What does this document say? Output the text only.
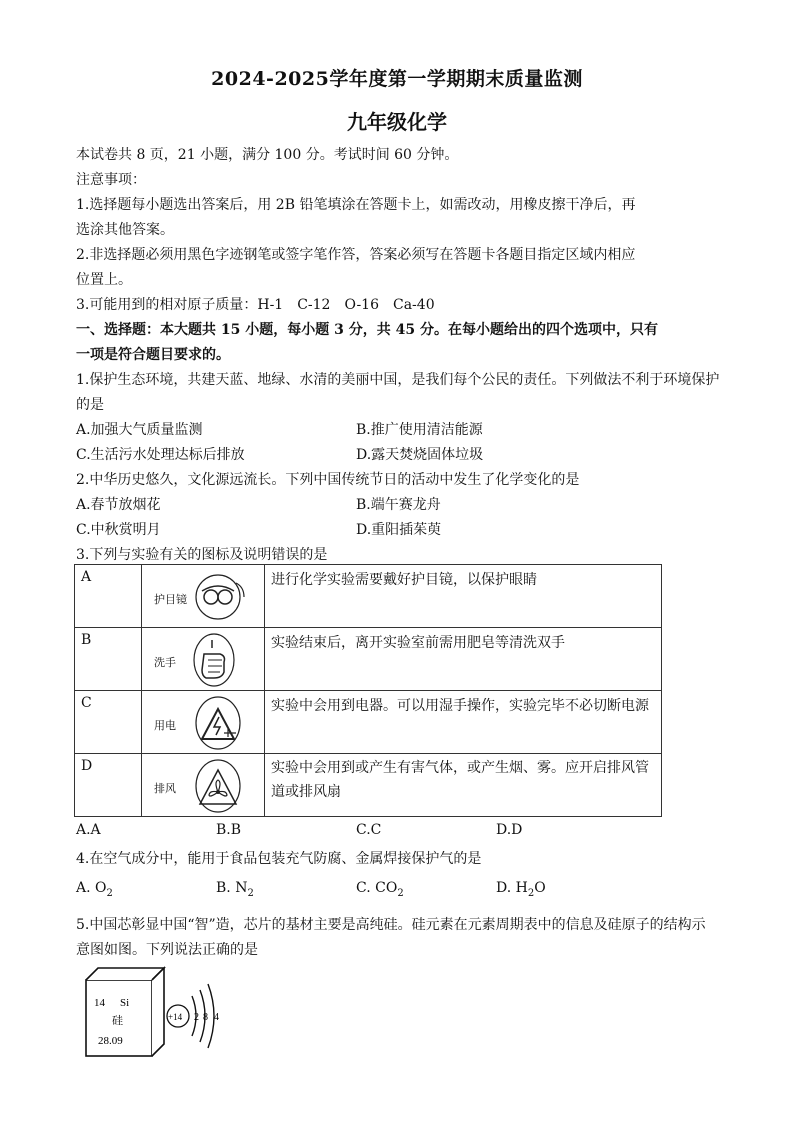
2024-2025学年度第一学期期末质量监测
九年级化学
本试卷共 8 页，21 小题，满分 100 分。考试时间 60 分钟。
注意事项：
1.选择题每小题选出答案后，用 2B 铅笔填涂在答题卡上，如需改动，用橡皮擦干净后，再
选涂其他答案。
2.非选择题必须用黑色字迹钢笔或签字笔作答，答案必须写在答题卡各题目指定区域内相应
位置上。
3.可能用到的相对原子质量：H-1　C-12　O-16　Ca-40
一、选择题：本大题共 15 小题，每小题 3 分，共 45 分。在每小题给出的四个选项中，只有
一项是符合题目要求的。
1.保护生态环境，共建天蓝、地绿、水清的美丽中国，是我们每个公民的责任。下列做法不利于环境保护
的是
A.加强大气质量监测	B.推广使用清洁能源
C.生活污水处理达标后排放	D.露天焚烧固体垃圾
2.中华历史悠久，文化源远流长。下列中国传统节日的活动中发生了化学变化的是
A.春节放烟花	B.端午赛龙舟
C.中秋赏明月	D.重阳插茱萸
3.下列与实验有关的图标及说明错误的是
A	护目镜	进行化学实验需要戴好护目镜，以保护眼睛
B	洗手	实验结束后，离开实验室前需用肥皂等清洗双手
C	用电	实验中会用到电器。可以用湿手操作，实验完毕不必切断电源
D	排风	实验中会用到或产生有害气体，或产生烟、雾。应开启排风管
道或排风扇
A.A	B.B	C.C	D.D
4.在空气成分中，能用于食品包装充气防腐、金属焊接保护气的是
A. $O_2$	B. $N_2$	C. $CO_2$	D. $H_2O$
5.中国芯彰显中国“智”造，芯片的基材主要是高纯硅。硅元素在元素周期表中的信息及硅原子的结构示
意图如图。下列说法正确的是
14 Si
硅
28.09
+14 2 8 4
